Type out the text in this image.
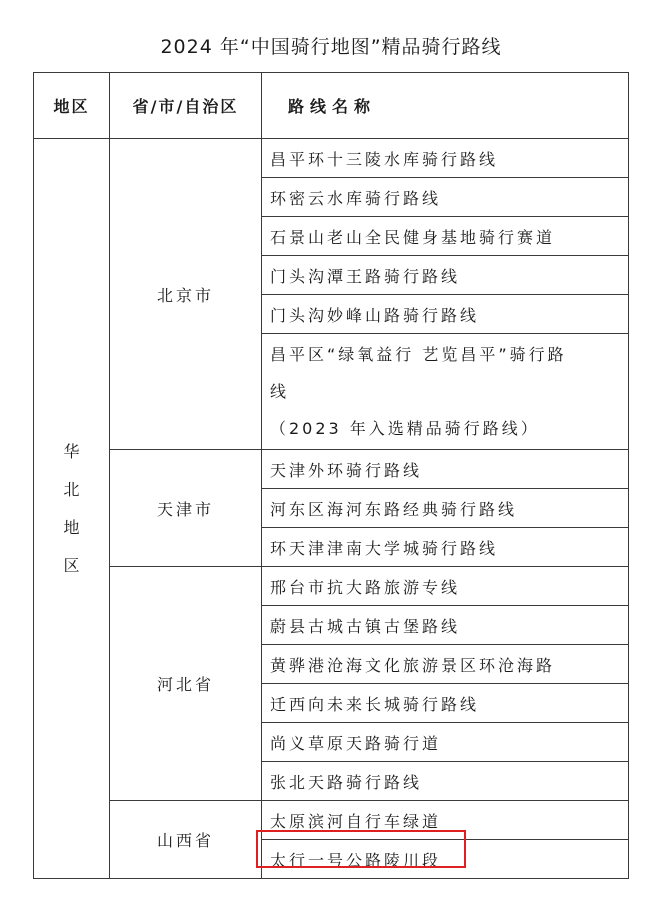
2024 年“中国骑行地图”精品骑行路线
地区	省/市/自治区	路线名称
华北地区	北京市	昌平环十三陵水库骑行路线
		环密云水库骑行路线
		石景山老山全民健身基地骑行赛道
		门头沟潭王路骑行路线
		门头沟妙峰山路骑行路线

		昌平区“绿氧益行 艺览昌平”骑行路
线
（2023 年入选精品骑行路线）

	天津市	天津外环骑行路线
		河东区海河东路经典骑行路线
		环天津津南大学城骑行路线
	河北省	邢台市抗大路旅游专线
		蔚县古城古镇古堡路线
		黄骅港沧海文化旅游景区环沧海路
		迁西向未来长城骑行路线
		尚义草原天路骑行道
		张北天路骑行路线
	山西省	太原滨河自行车绿道
		太行一号公路陵川段
